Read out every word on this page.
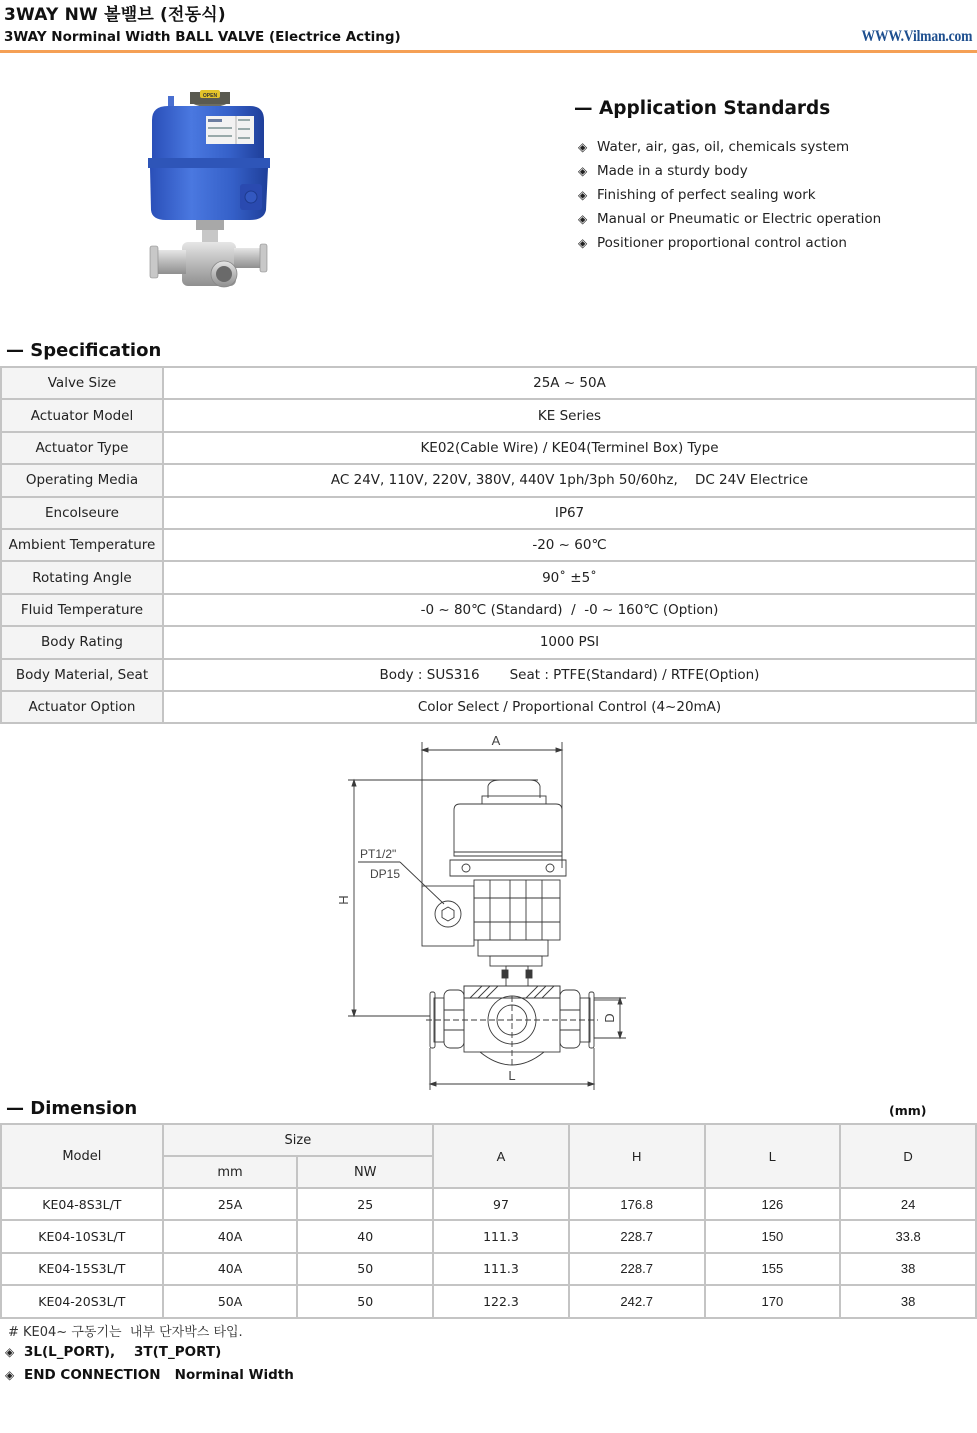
3WAY NW 볼밸브 (전동식)
3WAY Norminal Width BALL VALVE (Electrice Acting)	WWW.Vilman.com
OPEN
— Application Standards
◈ Water, air, gas, oil, chemicals system
◈ Made in a sturdy body
◈ Finishing of perfect sealing work
◈ Manual or Pneumatic or Electric operation
◈ Positioner proportional control action
— Specification
Valve Size	25A ~ 50A
Actuator Model	KE Series
Actuator Type	KE02(Cable Wire) / KE04(Terminel Box) Type
Operating Media	AC 24V, 110V, 220V, 380V, 440V 1ph/3ph 50/60hz,    DC 24V Electrice
Encolseure	IP67
Ambient Temperature	-20 ~ 60℃
Rotating Angle	90˚ ±5˚
Fluid Temperature	-0 ~ 80℃ (Standard)  /  -0 ~ 160℃ (Option)
Body Rating	1000 PSI
Body Material, Seat	Body : SUS316       Seat : PTFE(Standard) / RTFE(Option)
Actuator Option	Color Select / Proportional Control (4~20mA)
A
H
PT1/2"
DP15
D
L
— Dimension	(mm)
Model	Size		A	H	L	D
	mm	NW				
KE04-8S3L/T	25A	25	97	176.8	126	24
KE04-10S3L/T	40A	40	111.3	228.7	150	33.8
KE04-15S3L/T	40A	50	111.3	228.7	155	38
KE04-20S3L/T	50A	50	122.3	242.7	170	38
# KE04~ 구동기는  내부 단자박스 타입.
◈ 3L(L_PORT),    3T(T_PORT)
◈ END CONNECTION   Norminal Width
